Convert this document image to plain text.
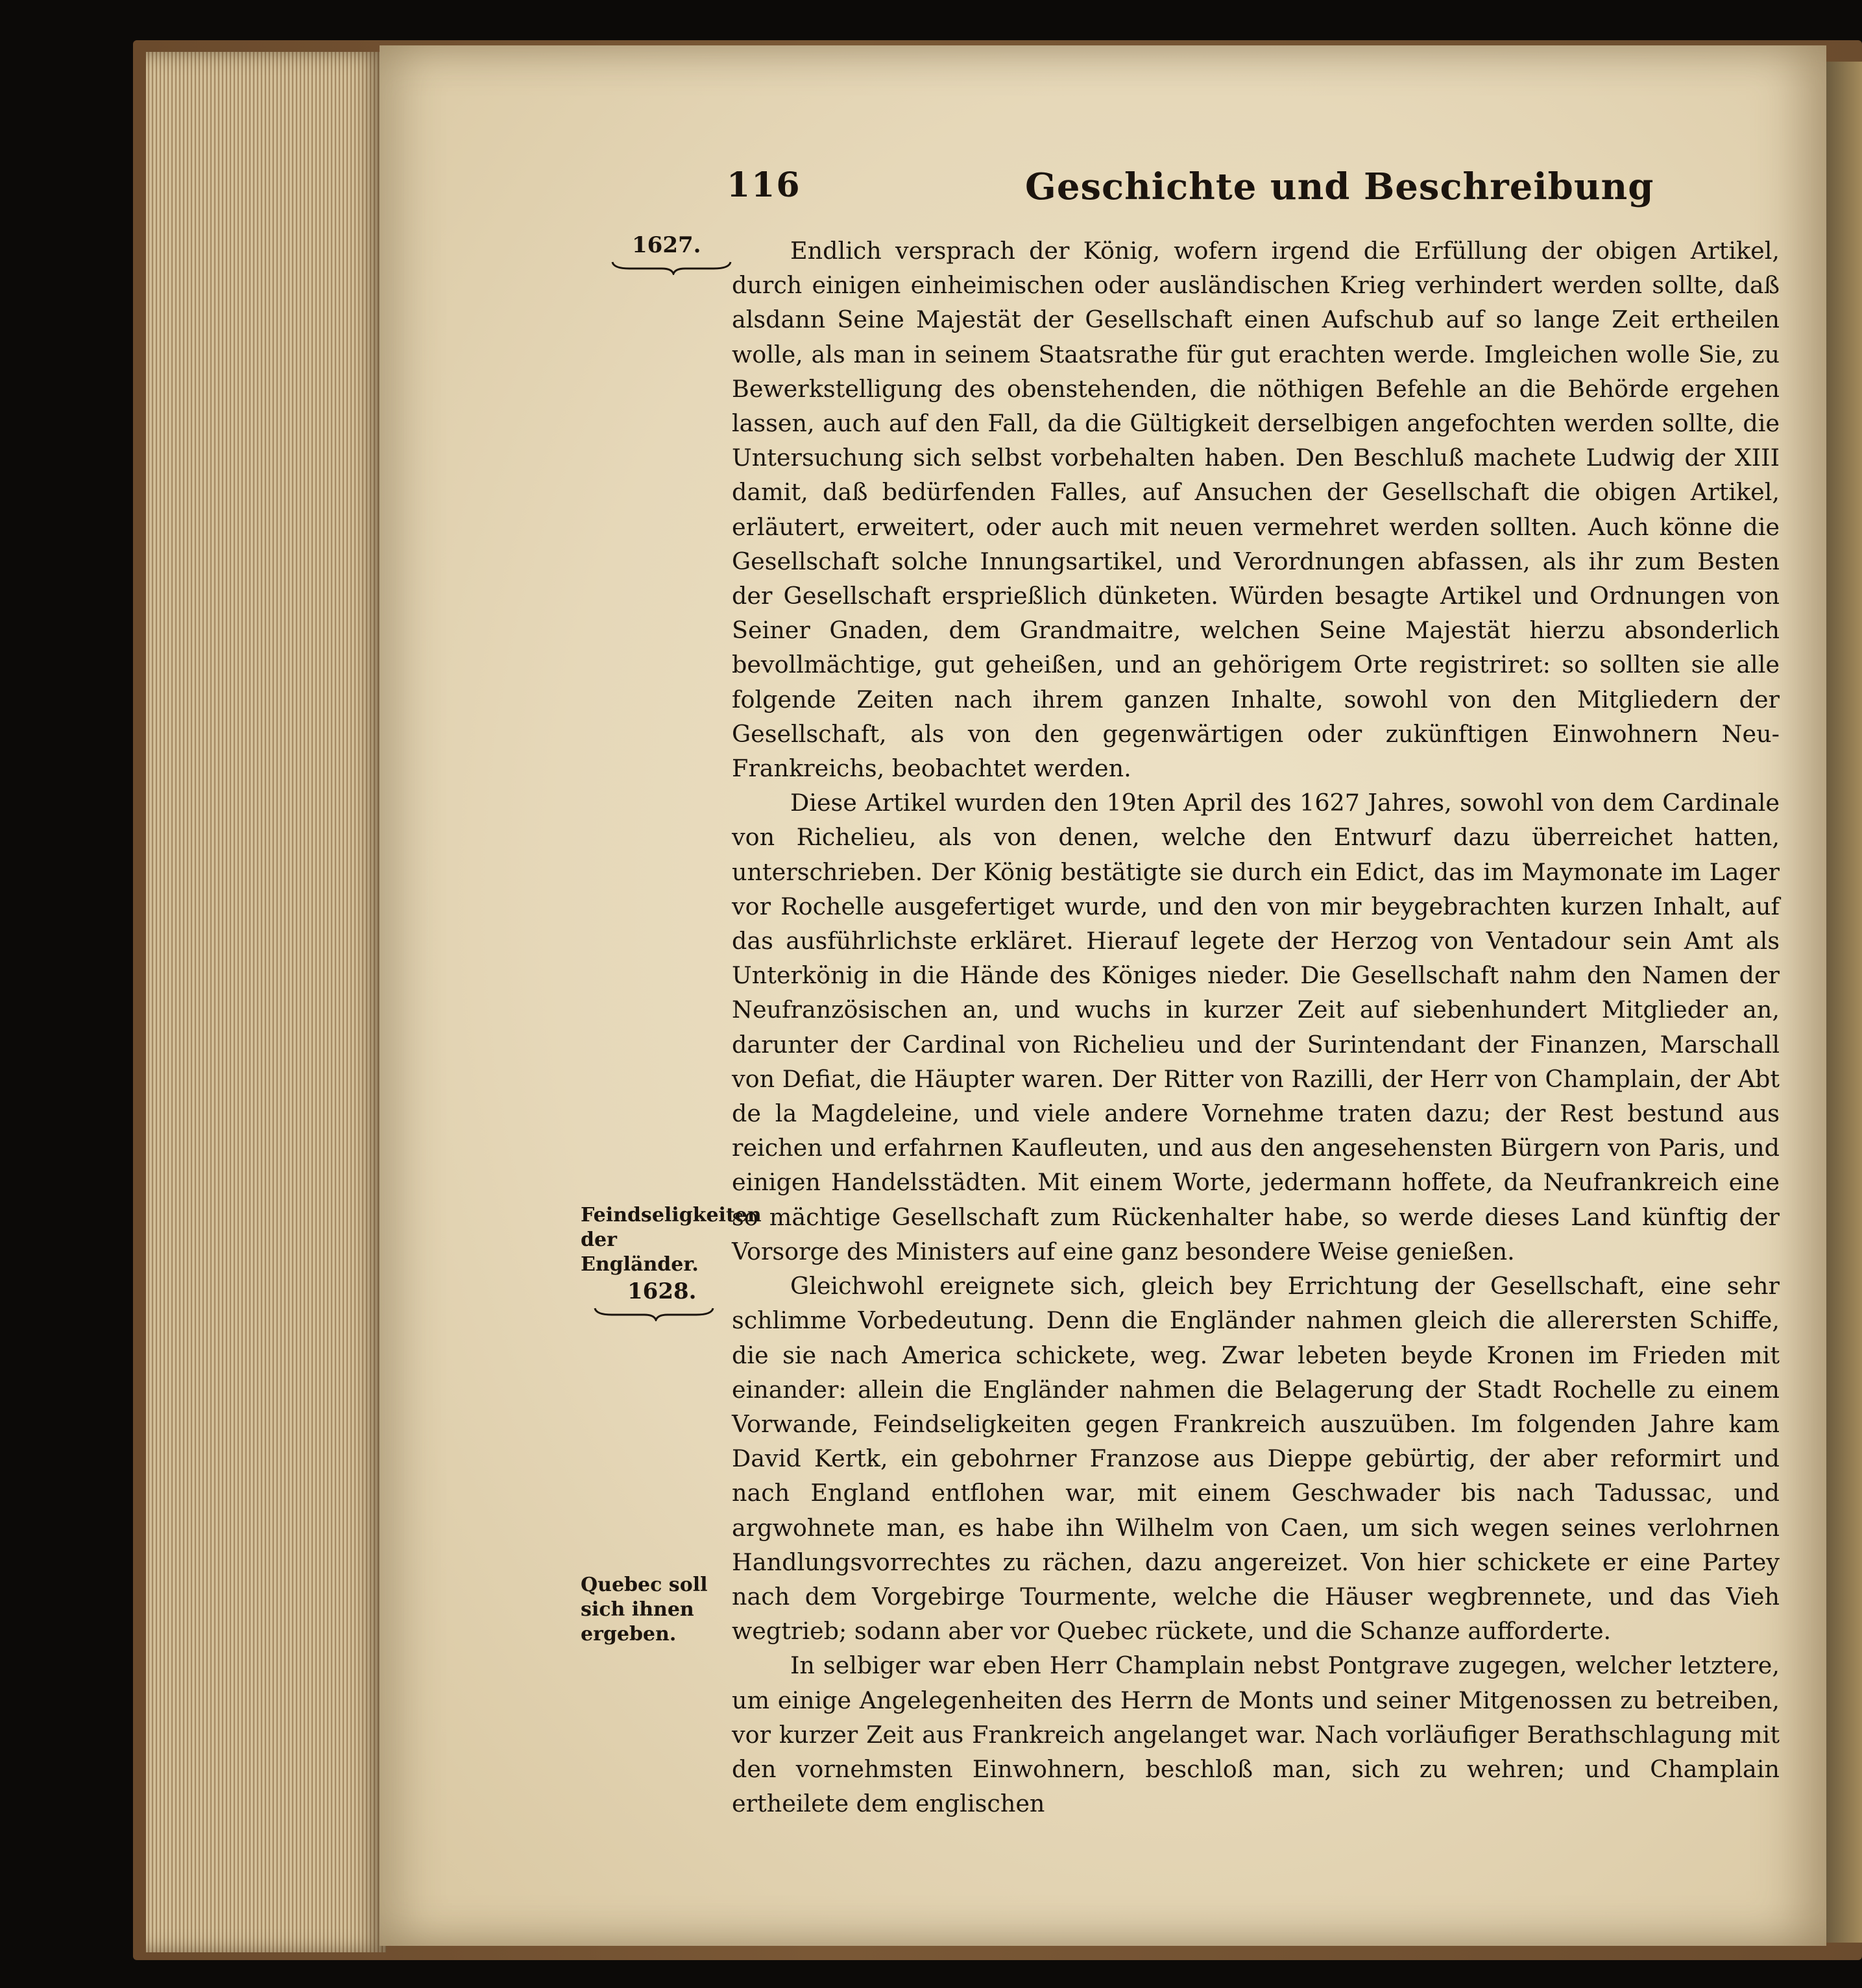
116	Geschichte und Beschreibung
1627.
Feindseligkeiten der Engländer.
1628.
Quebec soll sich ihnen ergeben.

Endlich versprach der König, wofern irgend die Erfüllung der obigen Artikel, durch einigen einheimischen oder ausländischen Krieg verhindert werden sollte, daß alsdann Seine Majestät der Gesellschaft einen Aufschub auf so lange Zeit ertheilen wolle, als man in seinem Staatsrathe für gut erachten werde. Imgleichen wolle Sie, zu Bewerkstelligung des obenstehenden, die nöthigen Befehle an die Behörde ergehen lassen, auch auf den Fall, da die Gültigkeit derselbigen angefochten werden sollte, die Untersuchung sich selbst vorbehalten haben. Den Beschluß machete Ludwig der XIII damit, daß bedürfenden Falles, auf Ansuchen der Gesellschaft die obigen Artikel, erläutert, erweitert, oder auch mit neuen vermehret werden sollten. Auch könne die Gesellschaft solche Innungsartikel, und Verordnungen abfassen, als ihr zum Besten der Gesellschaft erspriеßlich dünketen. Würden besagte Artikel und Ordnungen von Seiner Gnaden, dem Grandmaitre, welchen Seine Majestät hierzu absonderlich bevollmächtige, gut geheißen, und an gehörigem Orte registriret: so sollten sie alle folgende Zeiten nach ihrem ganzen Inhalte, sowohl von den Mitgliedern der Gesellschaft, als von den gegenwärtigen oder zukünftigen Einwohnern Neu-Frankreichs, beobachtet werden.

Diese Artikel wurden den 19ten April des 1627 Jahres, sowohl von dem Cardinale von Richelieu, als von denen, welche den Entwurf dazu überreichet hatten, unterschrieben. Der König bestätigte sie durch ein Edict, das im Maymonate im Lager vor Rochelle ausgefertiget wurde, und den von mir beygebrachten kurzen Inhalt, auf das ausführlichste erkläret. Hierauf legete der Herzog von Ventadour sein Amt als Unterkönig in die Hände des Königes nieder. Die Gesellschaft nahm den Namen der Neufranzösischen an, und wuchs in kurzer Zeit auf siebenhundert Mitglieder an, darunter der Cardinal von Richelieu und der Surintendant der Finanzen, Marschall von Defiat, die Häupter waren. Der Ritter von Razilli, der Herr von Champlain, der Abt de la Magdeleine, und viele andere Vornehme traten dazu; der Rest bestund aus reichen und erfahrnen Kaufleuten, und aus den angesehensten Bürgern von Paris, und einigen Handelsstädten. Mit einem Worte, jedermann hoffete, da Neufrankreich eine so mächtige Gesellschaft zum Rückenhalter habe, so werde dieses Land künftig der Vorsorge des Ministers auf eine ganz besondere Weise genießen.

Gleichwohl ereignete sich, gleich bey Errichtung der Gesellschaft, eine sehr schlimme Vorbedeutung. Denn die Engländer nahmen gleich die allerersten Schiffe, die sie nach America schickete, weg. Zwar lebeten beyde Kronen im Frieden mit einander: allein die Engländer nahmen die Belagerung der Stadt Rochelle zu einem Vorwande, Feindseligkeiten gegen Frankreich auszuüben. Im folgenden Jahre kam David Kertk, ein gebohrner Franzose aus Dieppe gebürtig, der aber reformirt und nach England entflohen war, mit einem Geschwader bis nach Tadussac, und argwohnete man, es habe ihn Wilhelm von Caen, um sich wegen seines verlohrnen Handlungsvorrechtes zu rächen, dazu angereizet. Von hier schickete er eine Partey nach dem Vorgebirge Tourmente, welche die Häuser wegbrennete, und das Vieh wegtrieb; sodann aber vor Quebec rückete, und die Schanze aufforderte.

In selbiger war eben Herr Champlain nebst Pontgrave zugegen, welcher letztere, um einige Angelegenheiten des Herrn de Monts und seiner Mitgenossen zu betreiben, vor kurzer Zeit aus Frankreich angelanget war. Nach vorläufiger Berathschlagung mit den vornehmsten Einwohnern, beschloß man, sich zu wehren; und Champlain ertheilete dem englischen
